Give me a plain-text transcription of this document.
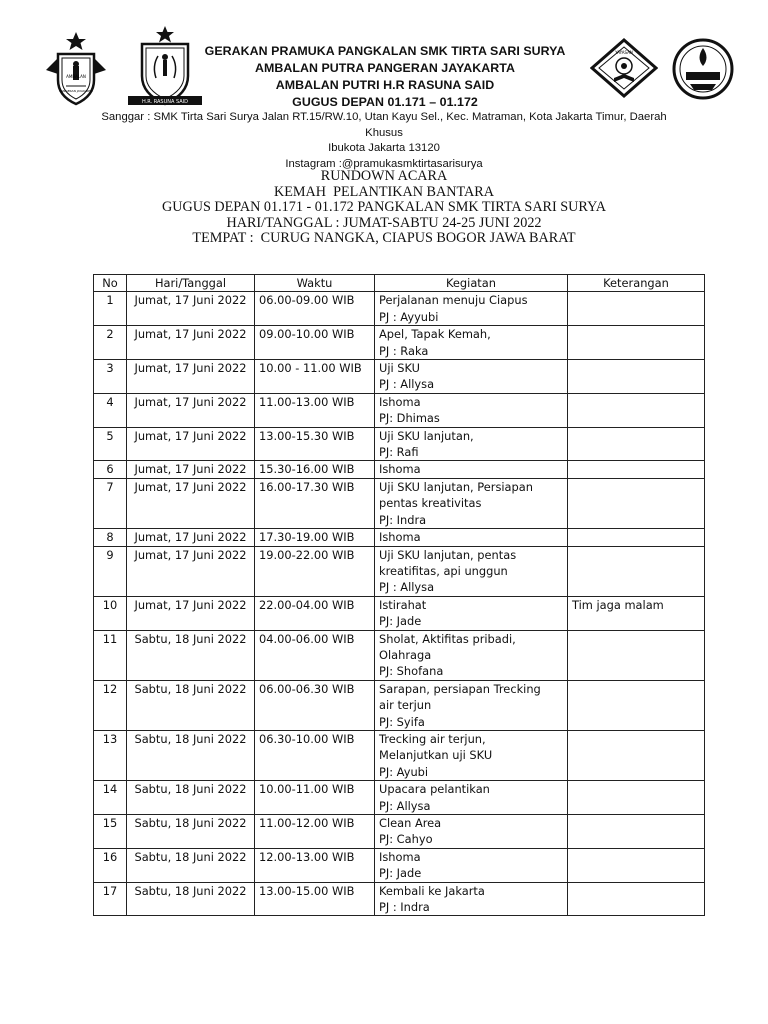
AMBALAN
PANGERAN JAYAKARTA
H.R. RASUNA SAID
YAYASAN
GERAKAN PRAMUKA PANGKALAN SMK TIRTA SARI SURYA
AMBALAN PUTRA PANGERAN JAYAKARTA
AMBALAN PUTRI H.R RASUNA SAID
GUGUS DEPAN 01.171 – 01.172
Sanggar : SMK Tirta Sari Surya Jalan RT.15/RW.10, Utan Kayu Sel., Kec. Matraman, Kota Jakarta Timur, Daerah Khusus
Ibukota Jakarta 13120
Instagram :@pramukasmktirtasarisurya
RUNDOWN ACARA
KEMAH  PELANTIKAN BANTARA
GUGUS DEPAN 01.171 - 01.172 PANGKALAN SMK TIRTA SARI SURYA
HARI/TANGGAL : JUMAT-SABTU 24-25 JUNI 2022
TEMPAT :  CURUG NANGKA, CIAPUS BOGOR JAWA BARAT
No	Hari/Tanggal	Waktu	Kegiatan	Keterangan
1	Jumat, 17 Juni 2022	06.00-09.00 WIB	Perjalanan menuju Ciapus
PJ : Ayyubi	

2	Jumat, 17 Juni 2022	09.00-10.00 WIB	Apel, Tapak Kemah,
PJ : Raka	

3	Jumat, 17 Juni 2022	10.00 - 11.00 WIB	Uji SKU
PJ : Allysa	

4	Jumat, 17 Juni 2022	11.00-13.00 WIB	Ishoma
PJ: Dhimas	

5	Jumat, 17 Juni 2022	13.00-15.30 WIB	Uji SKU lanjutan,
PJ: Rafi	

6	Jumat, 17 Juni 2022	15.30-16.00 WIB	Ishoma	

7	Jumat, 17 Juni 2022	16.00-17.30 WIB	Uji SKU lanjutan, Persiapan
pentas kreativitas
PJ: Indra	

8	Jumat, 17 Juni 2022	17.30-19.00 WIB	Ishoma	

9	Jumat, 17 Juni 2022	19.00-22.00 WIB	Uji SKU lanjutan, pentas
kreatifitas, api unggun
PJ : Allysa	

10	Jumat, 17 Juni 2022	22.00-04.00 WIB	Istirahat
PJ: Jade	Tim jaga malam
11	Sabtu, 18 Juni 2022	04.00-06.00 WIB	Sholat, Aktifitas pribadi,
Olahraga
PJ: Shofana	

12	Sabtu, 18 Juni 2022	06.00-06.30 WIB	Sarapan, persiapan Trecking
air terjun
PJ: Syifa	

13	Sabtu, 18 Juni 2022	06.30-10.00 WIB	Trecking air terjun,
Melanjutkan uji SKU
PJ: Ayubi	

14	Sabtu, 18 Juni 2022	10.00-11.00 WIB	Upacara pelantikan
PJ: Allysa	

15	Sabtu, 18 Juni 2022	11.00-12.00 WIB	Clean Area
PJ: Cahyo	

16	Sabtu, 18 Juni 2022	12.00-13.00 WIB	Ishoma
PJ: Jade	

17	Sabtu, 18 Juni 2022	13.00-15.00 WIB	Kembali ke Jakarta
PJ : Indra	
